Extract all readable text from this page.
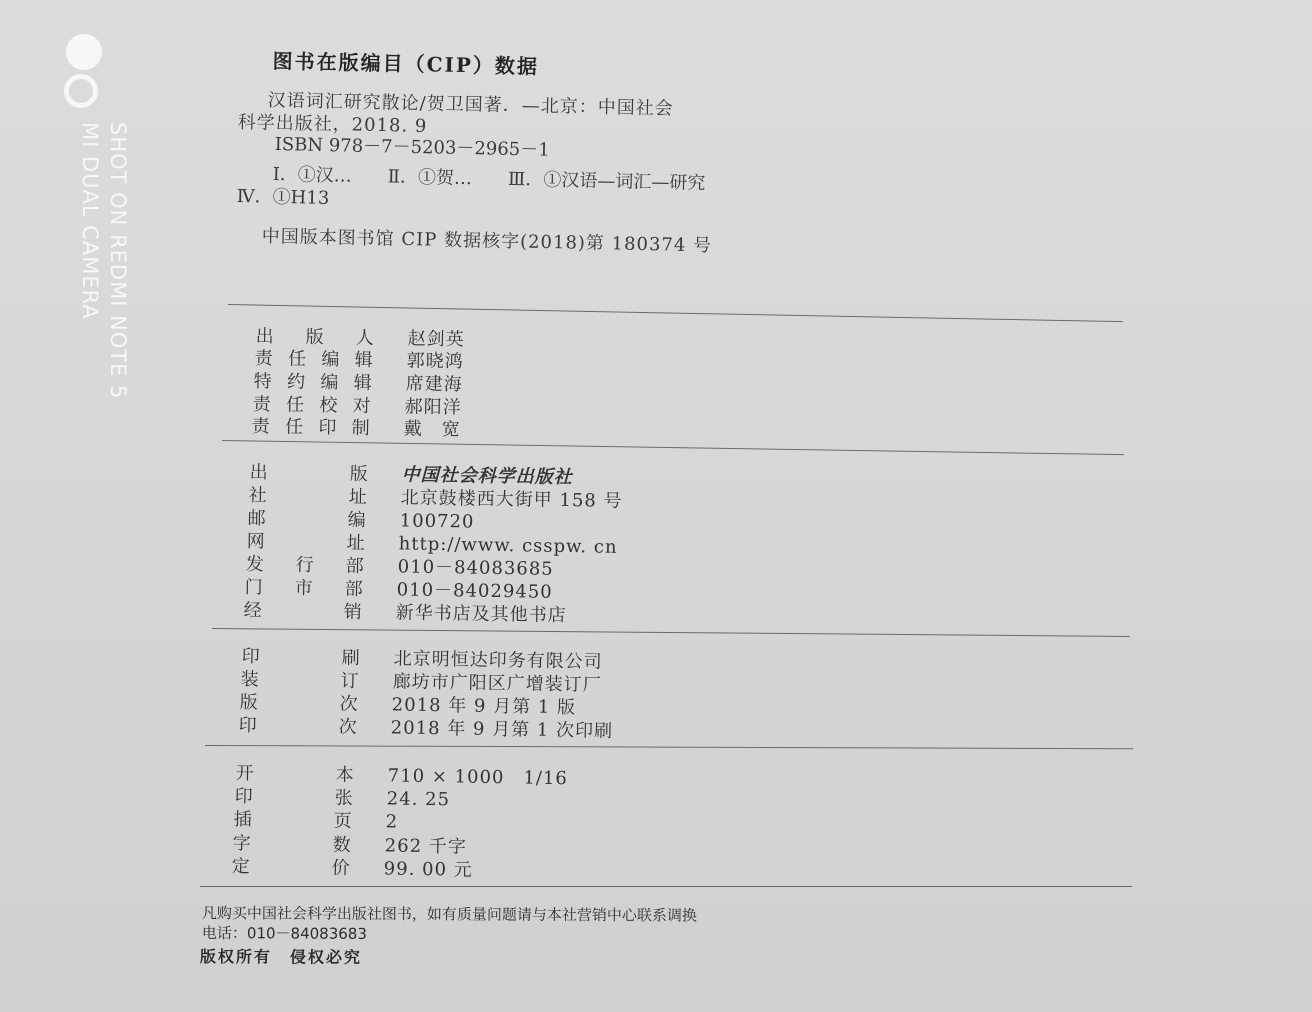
SHOT ON REDMI NOTE 5
MI DUAL CAMERA
图书在版编目（CIP）数据
汉语词汇研究散论/贺卫国著．—北京：中国社会
科学出版社，2018. 9
ISBN 978－7－5203－2965－1
Ⅰ．①汉…　　Ⅱ．①贺…　　Ⅲ．①汉语—词汇—研究
Ⅳ．①H13
中国版本图书馆 CIP 数据核字(2018)第 180374 号
出版人 赵剑英
责任编辑 郭晓鸿
特约编辑 席建海
责任校对 郝阳洋
责任印制 戴　宽
出版 中国社会科学出版社
社址 北京鼓楼西大街甲 158 号
邮编 100720
网址 http://www. csspw. cn
发行部 010－84083685
门市部 010－84029450
经销 新华书店及其他书店
印刷 北京明恒达印务有限公司
装订 廊坊市广阳区广增装订厂
版次 2018 年 9 月第 1 版
印次 2018 年 9 月第 1 次印刷
开本 710 × 1000　1/16
印张 24. 25
插页 2
字数 262 千字
定价 99. 00 元
凡购买中国社会科学出版社图书，如有质量问题请与本社营销中心联系调换
电话：010－84083683
版权所有　侵权必究
